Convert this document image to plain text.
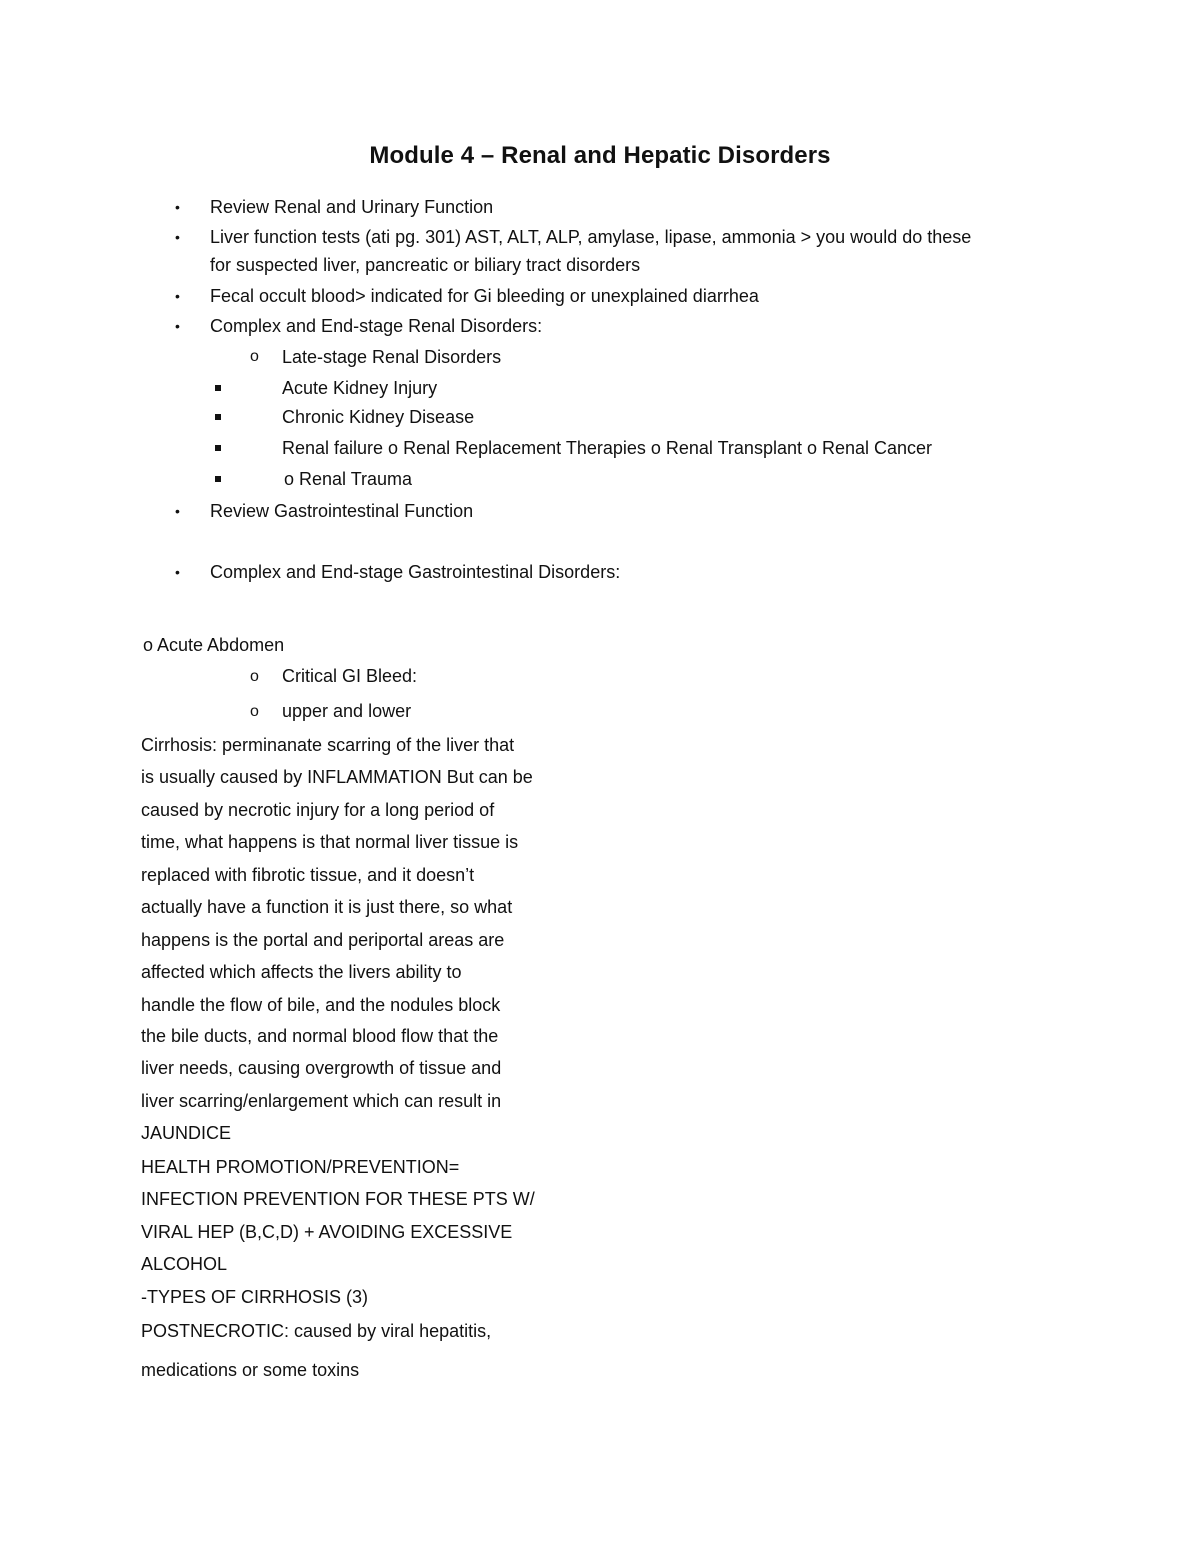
Module 4 – Renal and Hepatic Disorders
• Review Renal and Urinary Function
• Liver function tests (ati pg. 301) AST, ALT, ALP, amylase, lipase, ammonia > you would do these
for suspected liver, pancreatic or biliary tract disorders
• Fecal occult blood> indicated for Gi bleeding or unexplained diarrhea
• Complex and End-stage Renal Disorders:
o Late-stage Renal Disorders
Acute Kidney Injury
Chronic Kidney Disease
Renal failure o Renal Replacement Therapies o Renal Transplant o Renal Cancer
o Renal Trauma
• Review Gastrointestinal Function
• Complex and End-stage Gastrointestinal Disorders:
o Acute Abdomen
o Critical GI Bleed:
o upper and lower
Cirrhosis: perminanate scarring of the liver that
is usually caused by INFLAMMATION But can be
caused by necrotic injury for a long period of
time, what happens is that normal liver tissue is
replaced with fibrotic tissue, and it doesn’t
actually have a function it is just there, so what
happens is the portal and periportal areas are
affected which affects the livers ability to
handle the flow of bile, and the nodules block
the bile ducts, and normal blood flow that the
liver needs, causing overgrowth of tissue and
liver scarring/enlargement which can result in
JAUNDICE
HEALTH PROMOTION/PREVENTION=
INFECTION PREVENTION FOR THESE PTS W/
VIRAL HEP (B,C,D) + AVOIDING EXCESSIVE
ALCOHOL
-TYPES OF CIRRHOSIS (3)
POSTNECROTIC: caused by viral hepatitis,
medications or some toxins
